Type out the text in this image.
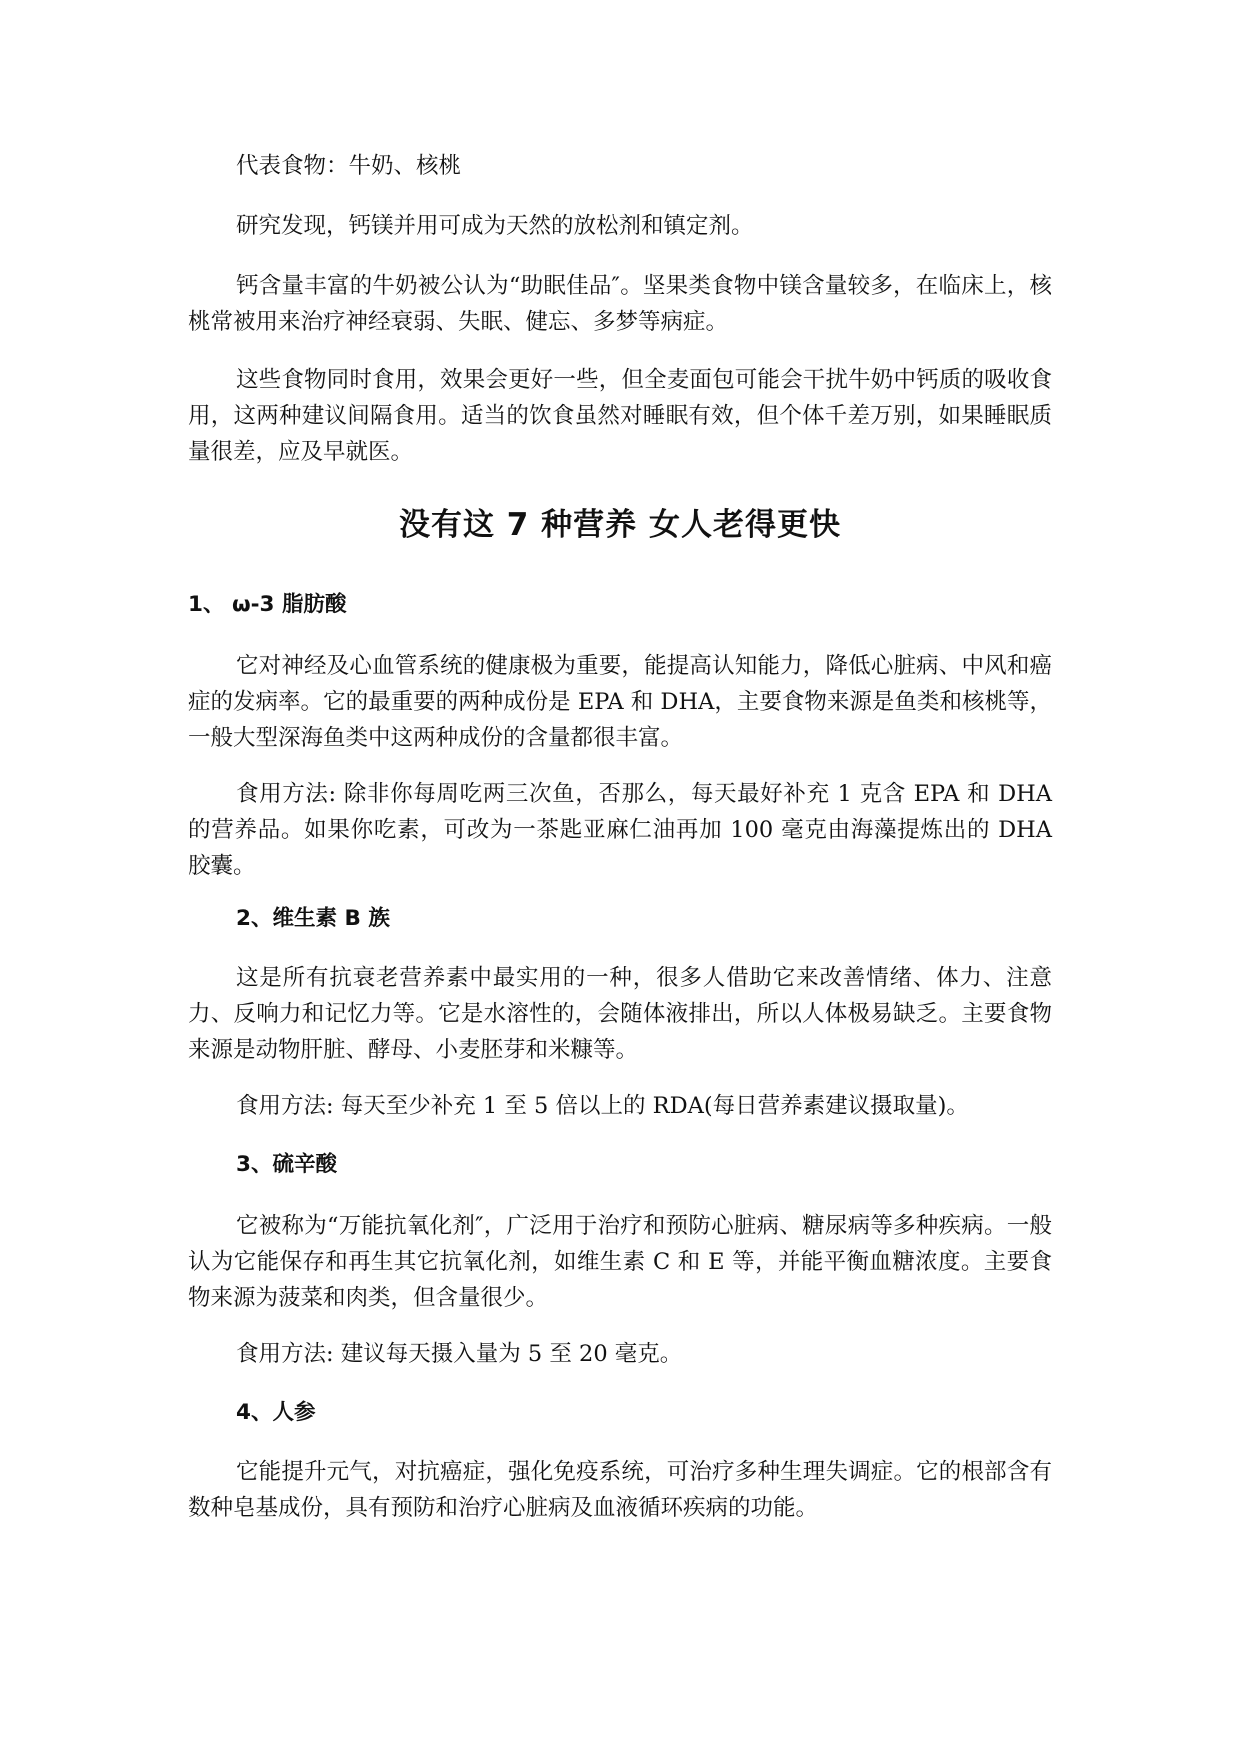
代表食物：牛奶、核桃

研究发现，钙镁并用可成为天然的放松剂和镇定剂。

钙含量丰富的牛奶被公认为“助眠佳品″。坚果类食物中镁含量较多，在临床上，核桃常被用来治疗神经衰弱、失眠、健忘、多梦等病症。

这些食物同时食用，效果会更好一些，但全麦面包可能会干扰牛奶中钙质的吸收食用，这两种建议间隔食用。适当的饮食虽然对睡眠有效，但个体千差万别，如果睡眠质量很差，应及早就医。

没有这 7 种营养 女人老得更快
1、 ω-3 脂肪酸

它对神经及心血管系统的健康极为重要，能提高认知能力，降低心脏病、中风和癌症的发病率。它的最重要的两种成份是 EPA 和 DHA，主要食物来源是鱼类和核桃等，一般大型深海鱼类中这两种成份的含量都很丰富。

食用方法: 除非你每周吃两三次鱼，否那么，每天最好补充 1 克含 EPA 和 DHA 的营养品。如果你吃素，可改为一茶匙亚麻仁油再加 100 毫克由海藻提炼出的 DHA 胶囊。

2、维生素 B 族

这是所有抗衰老营养素中最实用的一种，很多人借助它来改善情绪、体力、注意力、反响力和记忆力等。它是水溶性的，会随体液排出，所以人体极易缺乏。主要食物来源是动物肝脏、酵母、小麦胚芽和米糠等。

食用方法: 每天至少补充 1 至 5 倍以上的 RDA(每日营养素建议摄取量)。

3、硫辛酸

它被称为“万能抗氧化剂″，广泛用于治疗和预防心脏病、糖尿病等多种疾病。一般认为它能保存和再生其它抗氧化剂，如维生素 C 和 E 等，并能平衡血糖浓度。主要食物来源为菠菜和肉类，但含量很少。

食用方法: 建议每天摄入量为 5 至 20 毫克。

4、人参

它能提升元气，对抗癌症，强化免疫系统，可治疗多种生理失调症。它的根部含有数种皂基成份，具有预防和治疗心脏病及血液循环疾病的功能。
